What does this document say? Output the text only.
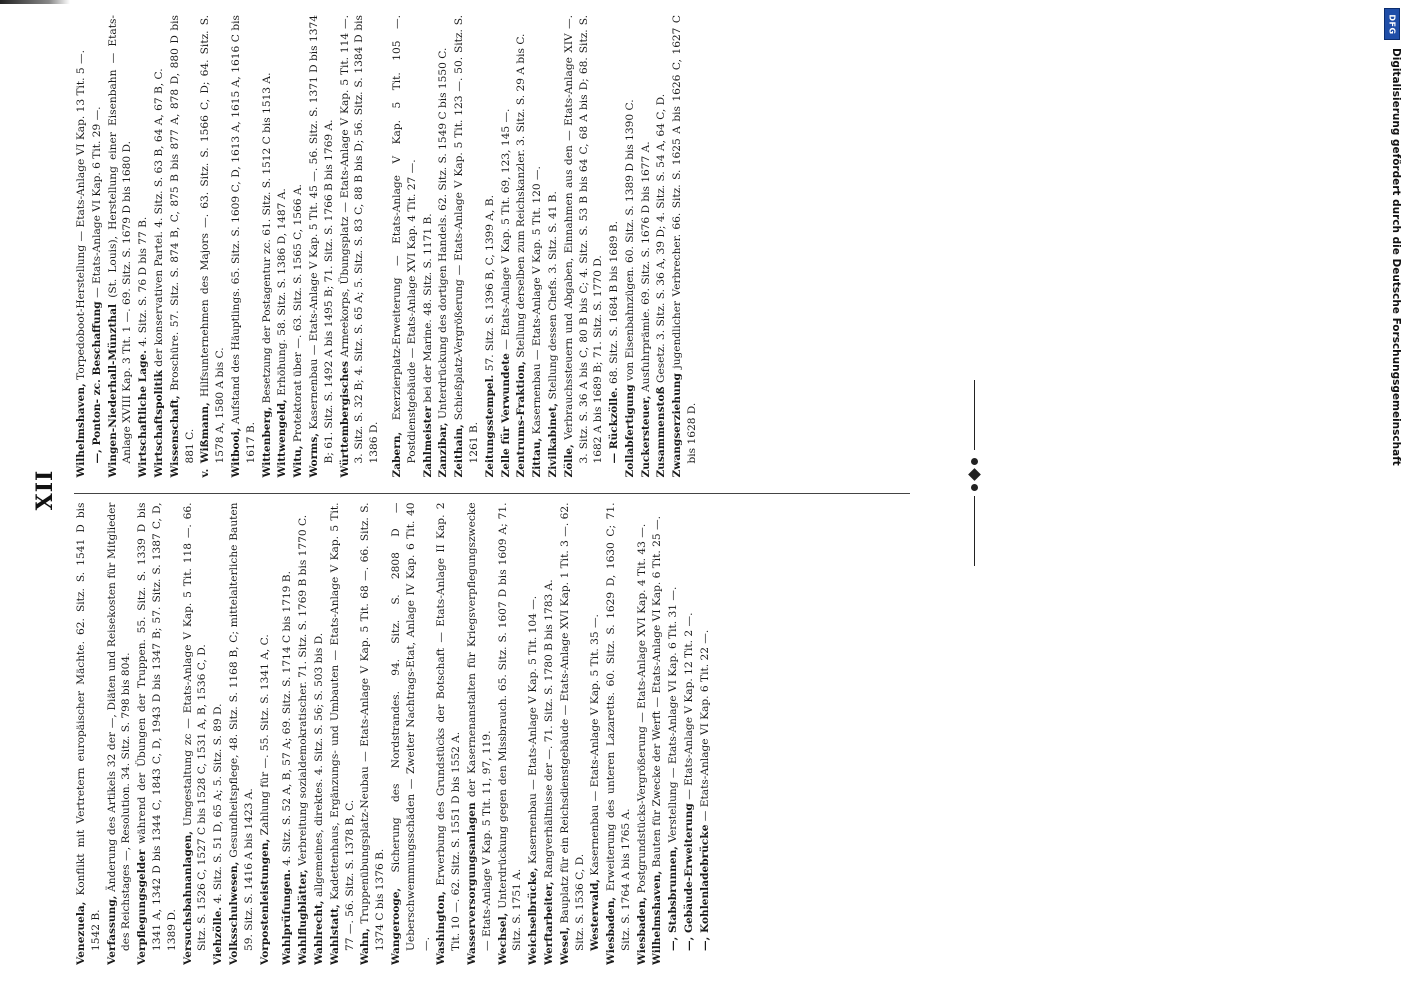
XII

Venezuela, Konflikt mit Vertretern europäischer Mächte. 62. Sitz. S. 1541 D bis 1542 B. Verfassung, Änderung des Artikels 32 der —, Diäten und Reisekosten für Mitglieder des Reichstages —, Resolution. 34. Sitz. S. 798 bis 804. Verpflegungsgelder während der Übungen der Truppen. 55. Sitz. S. 1339 D bis 1341 A, 1342 D bis 1344 C, 1843 C, D, 1943 D bis 1347 B; 57. Sitz. S. 1387 C, D, 1389 D. Versuchsbahnanlagen, Umgestaltung zc — Etats-Anlage V Kap. 5 Tit. 118 —. 66. Sitz. S. 1526 C, 1527 C bis 1528 C, 1531 A, B, 1536 C, D. Viehzölle. 4. Sitz. S. 51 D, 65 A; 5. Sitz. S. 89 D.

Volksschulwesen, Gesundheitspflege, 48. Sitz. S. 1168 B, C; mittelalterliche Bauten 59. Sitz. S. 1416 A bis 1423 A. Vorpostenleistungen, Zahlung für —. 55. Sitz. S. 1341 A, C.

Wahlprüfungen. 4. Sitz. S. 52 A, B, 57 A; 69. Sitz. S. 1714 C bis 1719 B.

Wahlflugblätter, Verbreitung sozialdemokratischer. 71. Sitz. S. 1769 B bis 1770 C.

Wahlrecht, allgemeines, direktes. 4. Sitz. S. 56; S. 503 bis D.

Wahlstatt, Kadettenhaus, Ergänzungs- und Umbauten — Etats-Anlage V Kap. 5 Tit. 77 —. 56. Sitz. S. 1378 B, C. Wahn, Truppenübungsplatz-Neubau — Etats-Anlage V Kap. 5 Tit. 68 —. 66. Sitz. S. 1374 C bis 1376 B. Wangerooge, Sicherung des Nordstrandes. 94. Sitz. S. 2808 D — Ueberschwemmungsschäden — Zweiter Nachtrags-Etat, Anlage IV Kap. 6 Tit. 40 —. Washington, Erwerbung des Grundstücks der Botschaft — Etats-Anlage II Kap. 2 Tit. 10 —. 62. Sitz. S. 1551 D bis 1552 A. Wasserversorgungsanlagen der Kasernenanstalten für Kriegsverpflegungszwecke — Etats-Anlage V Kap. 5 Tit. 11, 97, 119. Wechsel, Unterdrückung gegen den Missbrauch. 65. Sitz. S. 1607 D bis 1609 A; 71. Sitz. S. 1751 A. Weichselbrücke, Kasernenbau — Etats-Anlage V Kap. 5 Tit. 104 —.

Werftarbeiter, Rangverhältnisse der —. 71. Sitz. S. 1780 B bis 1783 A.

Wesel, Bauplatz für ein Reichsdienstgebäude — Etats-Anlage XVI Kap. 1 Tit. 3 —. 62. Sitz. S. 1536 C, D. Westerwald, Kasernenbau — Etats-Anlage V Kap. 5 Tit. 35 —.

Wiesbaden, Erweiterung des unteren Lazaretts. 60. Sitz. S. 1629 D, 1630 C; 71. Sitz. S. 1764 A bis 1765 A. Wiesbaden, Postgrundstücks-Vergrößerung — Etats-Anlage XVI Kap. 4 Tit. 43 —.

Wilhelmshaven, Bauten für Zwecke der Werft — Etats-Anlage VI Kap. 6 Tit. 25 —.

—, Stabsbrunnen, Verstellung — Etats-Anlage VI Kap. 6 Tit. 31 —.

—, Gebäude-Erweiterung — Etats-Anlage V Kap. 12 Tit. 2 —.

—, Kohlenladebrücke — Etats-Anlage VI Kap. 6 Tit. 22 —.

Wilhelmshaven, Torpedoboot-Herstellung — Etats-Anlage VI Kap. 13 Tit. 5 —.

—, Ponton- zc. Beschaffung — Etats-Anlage VI Kap. 6 Tit. 29 —.

Wingen-Niederhall-Münzthal (St. Louis), Herstellung einer Eisenbahn — Etats-Anlage XVIII Kap. 3 Tit. 1 —. 69. Sitz. S. 1679 D bis 1680 D. Wirtschaftliche Lage. 4. Sitz. S. 76 D bis 77 B.

Wirtschaftspolitik der konservativen Partei. 4. Sitz. S. 63 B, 64 A, 67 B, C.

Wissenschaft, Broschüre. 57. Sitz. S. 874 B, C, 875 B bis 877 A, 878 D, 880 D bis 881 C. v. Wißmann, Hilfsunternehmen des Majors —. 63. Sitz. S. 1566 C, D; 64. Sitz. S. 1578 A, 1580 A bis C. Witbooi, Aufstand des Häuptlings. 65. Sitz. S. 1609 C, D, 1613 A, 1615 A, 1616 C bis 1617 B. Wittenberg, Besetzung der Postagentur zc. 61. Sitz. S. 1512 C bis 1513 A.

Wittwengeld, Erhöhung. 58. Sitz. S. 1386 D, 1487 A.

Witu, Protektorat über —. 63. Sitz. S. 1565 C, 1566 A.

Worms, Kasernenbau — Etats-Anlage V Kap. 5 Tit. 45 —. 56. Sitz. S. 1371 D bis 1374 B; 61. Sitz. S. 1492 A bis 1495 B; 71. Sitz. S. 1766 B bis 1769 A. Württembergisches Armeekorps, Übungsplatz — Etats-Anlage V Kap. 5 Tit. 114 —. 3. Sitz. S. 32 B; 4. Sitz. S. 65 A; 5. Sitz. S. 83 C, 88 B bis D; 56. Sitz. S. 1384 D bis 1386 D. Zabern, Exerzierplatz-Erweiterung — Etats-Anlage V Kap. 5 Tit. 105 —. Postdienstgebäude — Etats-Anlage XVI Kap. 4 Tit. 27 —. Zahlmeister bei der Marine. 48. Sitz. S. 1171 B.

Zanzibar, Unterdrückung des dortigen Handels. 62. Sitz. S. 1549 C bis 1550 C.

Zeithain, Schießplatz-Vergrößerung — Etats-Anlage V Kap. 5 Tit. 123 —. 50. Sitz. S. 1261 B. Zeitungsstempel. 57. Sitz. S. 1396 B, C, 1399 A, B.

Zelle für Verwundete — Etats-Anlage V Kap. 5 Tit. 69, 123, 145 —.

Zentrums-Fraktion, Stellung derselben zum Reichskanzler. 3. Sitz. S. 29 A bis C.

Zittau, Kasernenbau — Etats-Anlage V Kap. 5 Tit. 120 —.

Zivilkabinet, Stellung dessen Chefs. 3. Sitz. S. 41 B.

Zölle, Verbrauchssteuern und Abgaben, Einnahmen aus den — Etats-Anlage XIV —. 3. Sitz. S. 36 A bis C, 80 B bis C; 4. Sitz. S. 53 B bis 64 C, 68 A bis D; 68. Sitz. S. 1682 A bis 1689 B; 71. Sitz. S. 1770 D. — Rückzölle. 68. Sitz. S. 1684 B bis 1689 B.

Zollabfertigung von Eisenbahnzügen. 60. Sitz. S. 1389 D bis 1390 C.

Zuckersteuer, Ausfuhrprämie. 69. Sitz. S. 1676 D bis 1677 A.

Zusammenstoß Gesetz. 3. Sitz. S. 36 A, 39 D; 4. Sitz. S. 54 A, 64 C, D.

Zwangserziehung jugendlicher Verbrecher. 66. Sitz. S. 1625 A bis 1626 C, 1627 C bis 1628 D.

DFG
Digitalisierung gefördert durch die Deutsche Forschungsgemeinschaft
